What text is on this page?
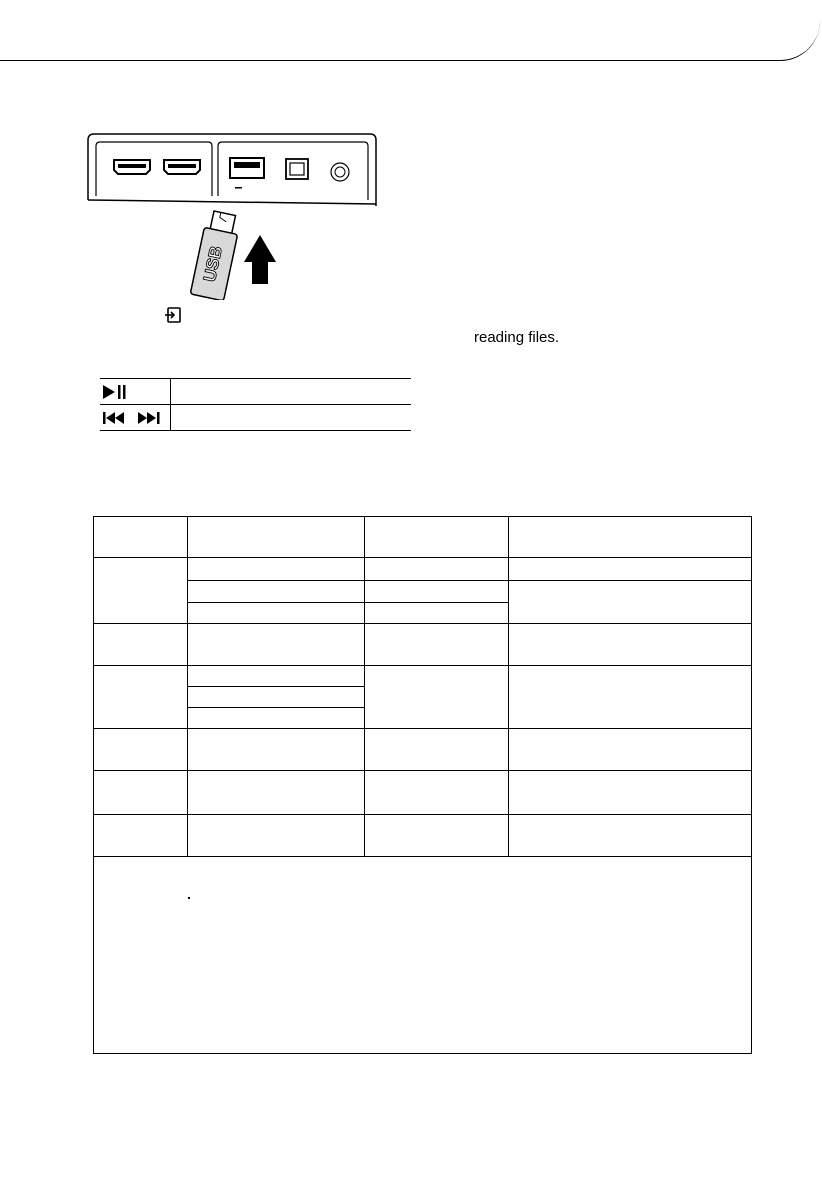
USB
reading files.
